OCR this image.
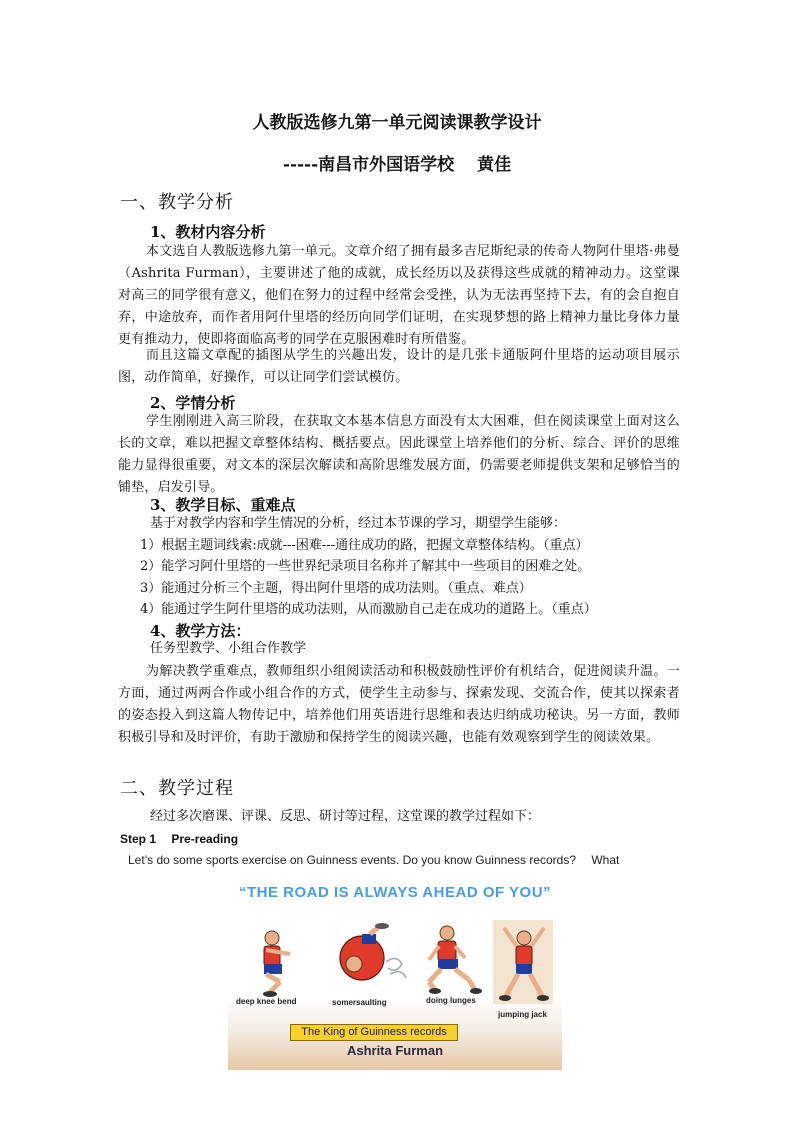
人教版选修九第一单元阅读课教学设计
-----南昌市外国语学校　 黄佳
一、教学分析
1、教材内容分析
本文选自人教版选修九第一单元。文章介绍了拥有最多吉尼斯纪录的传奇人物阿什里塔·弗曼（Ashrita Furman），主要讲述了他的成就，成长经历以及获得这些成就的精神动力。这堂课对高三的同学很有意义，他们在努力的过程中经常会受挫，认为无法再坚持下去，有的会自抱自弃，中途放弃，而作者用阿什里塔的经历向同学们证明，在实现梦想的路上精神力量比身体力量更有推动力，使即将面临高考的同学在克服困难时有所借鉴。
而且这篇文章配的插图从学生的兴趣出发，设计的是几张卡通版阿什里塔的运动项目展示图，动作简单，好操作，可以让同学们尝试模仿。
2、学情分析
学生刚刚进入高三阶段，在获取文本基本信息方面没有太大困难，但在阅读课堂上面对这么长的文章，难以把握文章整体结构、概括要点。因此课堂上培养他们的分析、综合、评价的思维能力显得很重要，对文本的深层次解读和高阶思维发展方面，仍需要老师提供支架和足够恰当的铺垫，启发引导。
3、教学目标、重难点
基于对教学内容和学生情况的分析，经过本节课的学习，期望学生能够：
1）根据主题词线索:成就---困难---通往成功的路，把握文章整体结构。（重点）
2）能学习阿什里塔的一些世界纪录项目名称并了解其中一些项目的困难之处。
3）能通过分析三个主题，得出阿什里塔的成功法则。（重点、难点）
4）能通过学生阿什里塔的成功法则，从而激励自己走在成功的道路上。（重点）
4、教学方法：
任务型教学、小组合作教学
为解决教学重难点，教师组织小组阅读活动和积极鼓励性评价有机结合，促进阅读升温。一方面，通过两两合作或小组合作的方式，使学生主动参与、探索发现、交流合作，使其以探索者的姿态投入到这篇人物传记中，培养他们用英语进行思维和表达归纳成功秘诀。另一方面，教师积极引导和及时评价，有助于激励和保持学生的阅读兴趣，也能有效观察到学生的阅读效果。
二、教学过程
经过多次磨课、评课、反思、研讨等过程，这堂课的教学过程如下：
Step 1　 Pre-reading
Let’s do some sports exercise on Guinness events. Do you know Guinness records?　 What
“THE ROAD IS ALWAYS AHEAD OF YOU”
deep knee bend	somersaulting	doing lunges
jumping jack
The King of Guinness records
Ashrita Furman
